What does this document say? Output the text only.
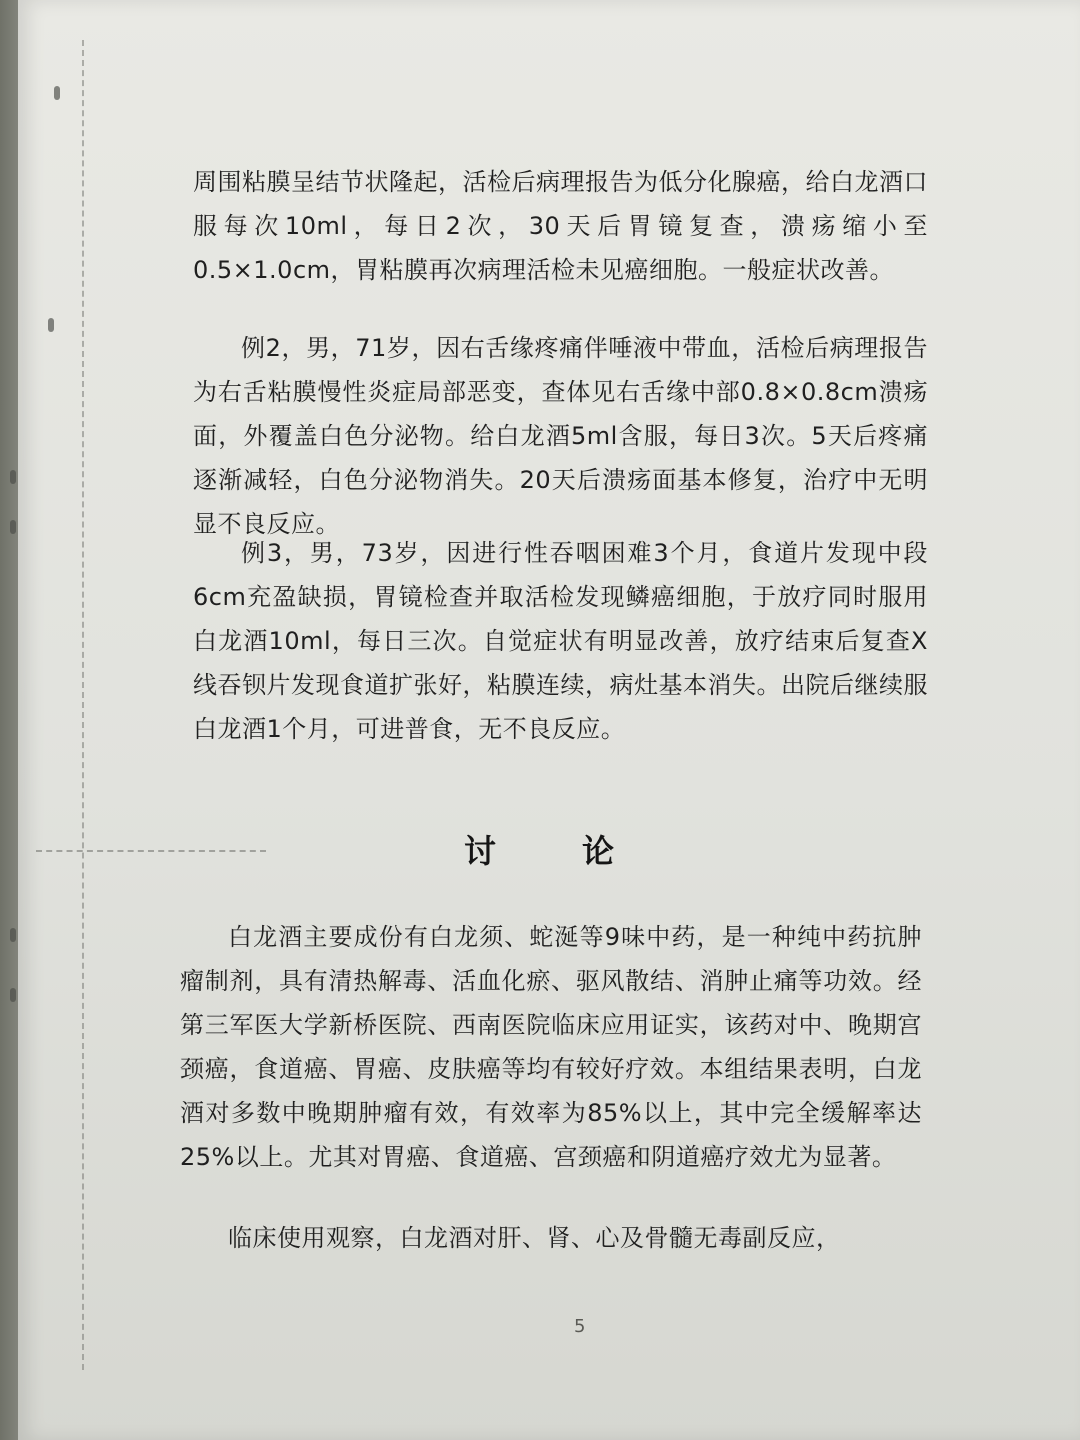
周围粘膜呈结节状隆起，活检后病理报告为低分化腺癌，给白龙酒口服每次10ml，每日2次，30天后胃镜复查，溃疡缩小至0.5×1.0cm，胃粘膜再次病理活检未见癌细胞。一般症状改善。
例2，男，71岁，因右舌缘疼痛伴唾液中带血，活检后病理报告为右舌粘膜慢性炎症局部恶变，查体见右舌缘中部0.8×0.8cm溃疡面，外覆盖白色分泌物。给白龙酒5ml含服，每日3次。5天后疼痛逐渐减轻，白色分泌物消失。20天后溃疡面基本修复，治疗中无明显不良反应。
例3，男，73岁，因进行性吞咽困难3个月，食道片发现中段6cm充盈缺损，胃镜检查并取活检发现鳞癌细胞，于放疗同时服用白龙酒10ml，每日三次。自觉症状有明显改善，放疗结束后复查X线吞钡片发现食道扩张好，粘膜连续，病灶基本消失。出院后继续服白龙酒1个月，可进普食，无不良反应。
讨	论
白龙酒主要成份有白龙须、蛇涎等9味中药，是一种纯中药抗肿瘤制剂，具有清热解毒、活血化瘀、驱风散结、消肿止痛等功效。经第三军医大学新桥医院、西南医院临床应用证实，该药对中、晚期宫颈癌，食道癌、胃癌、皮肤癌等均有较好疗效。本组结果表明，白龙酒对多数中晚期肿瘤有效，有效率为85%以上，其中完全缓解率达25%以上。尤其对胃癌、食道癌、宫颈癌和阴道癌疗效尤为显著。
临床使用观察，白龙酒对肝、肾、心及骨髓无毒副反应，
5
